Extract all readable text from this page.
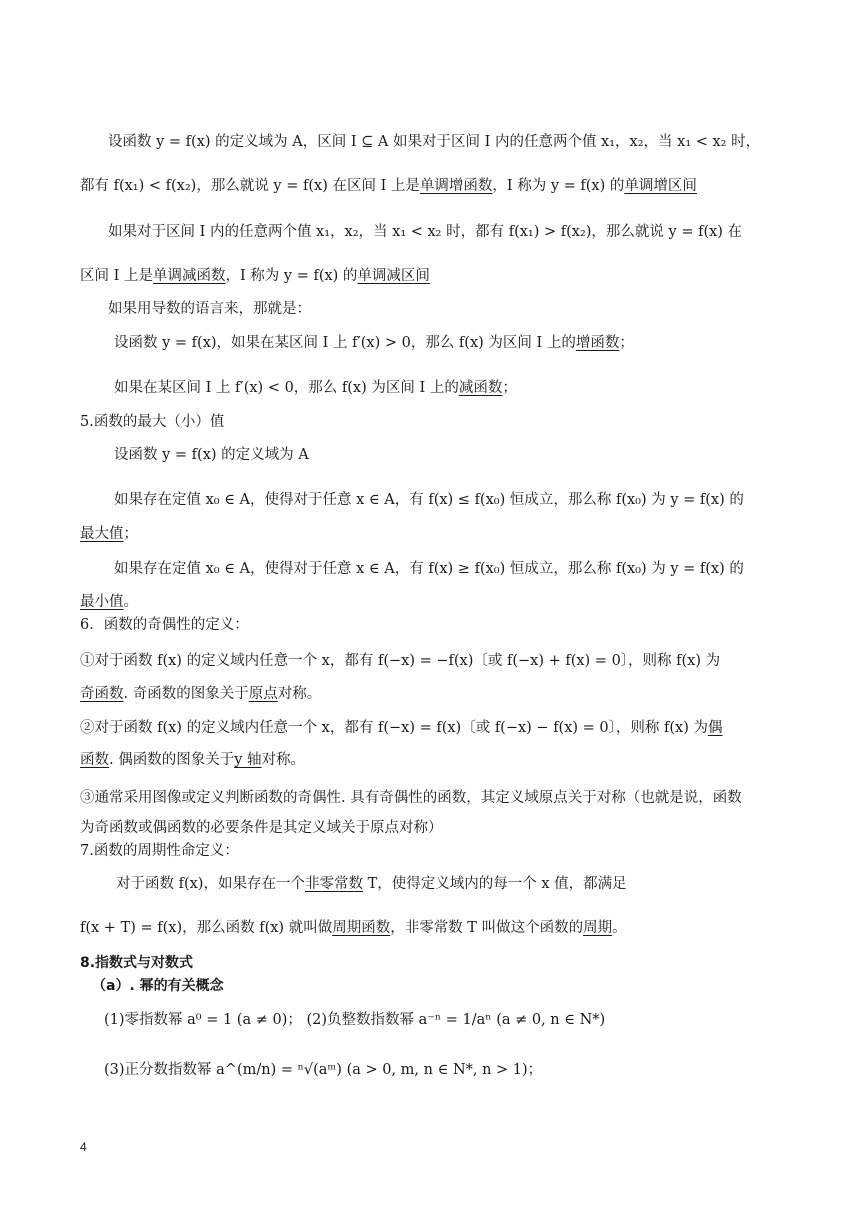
设函数 y = f(x) 的定义域为 A，区间 I ⊆ A 如果对于区间 I 内的任意两个值 x₁，x₂，当 x₁ < x₂ 时，
都有 f(x₁) < f(x₂)，那么就说 y = f(x) 在区间 I 上是单调增函数，I 称为 y = f(x) 的单调增区间
如果对于区间 I 内的任意两个值 x₁，x₂，当 x₁ < x₂ 时，都有 f(x₁) > f(x₂)，那么就说 y = f(x) 在
区间 I 上是单调减函数，I 称为 y = f(x) 的单调减区间
如果用导数的语言来，那就是：
设函数 y = f(x)，如果在某区间 I 上 f′(x) > 0，那么 f(x) 为区间 I 上的增函数；
如果在某区间 I 上 f′(x) < 0，那么 f(x) 为区间 I 上的减函数；
5.函数的最大（小）值
设函数 y = f(x) 的定义域为 A
如果存在定值 x₀ ∈ A，使得对于任意 x ∈ A，有 f(x) ≤ f(x₀) 恒成立，那么称 f(x₀) 为 y = f(x) 的
最大值；
如果存在定值 x₀ ∈ A，使得对于任意 x ∈ A，有 f(x) ≥ f(x₀) 恒成立，那么称 f(x₀) 为 y = f(x) 的
最小值。
6．函数的奇偶性的定义：
①对于函数 f(x) 的定义域内任意一个 x，都有 f(−x) = −f(x)〔或 f(−x) + f(x) = 0〕，则称 f(x) 为
奇函数. 奇函数的图象关于原点对称。
②对于函数 f(x) 的定义域内任意一个 x，都有 f(−x) = f(x)〔或 f(−x) − f(x) = 0〕，则称 f(x) 为偶
函数. 偶函数的图象关于y 轴对称。
③通常采用图像或定义判断函数的奇偶性. 具有奇偶性的函数，其定义域原点关于对称（也就是说，函数
为奇函数或偶函数的必要条件是其定义域关于原点对称）
7.函数的周期性命定义：
对于函数 f(x)，如果存在一个非零常数 T，使得定义域内的每一个 x 值，都满足
f(x + T) = f(x)，那么函数 f(x) 就叫做周期函数，非零常数 T 叫做这个函数的周期。
8.指数式与对数式
（a）. 幂的有关概念
(1)零指数幂 a⁰ = 1 (a ≠ 0)； (2)负整数指数幂 a⁻ⁿ = 1/aⁿ (a ≠ 0, n ∈ N*)
(3)正分数指数幂 a^(m/n) = ⁿ√(aᵐ) (a > 0, m, n ∈ N*, n > 1)；
4
